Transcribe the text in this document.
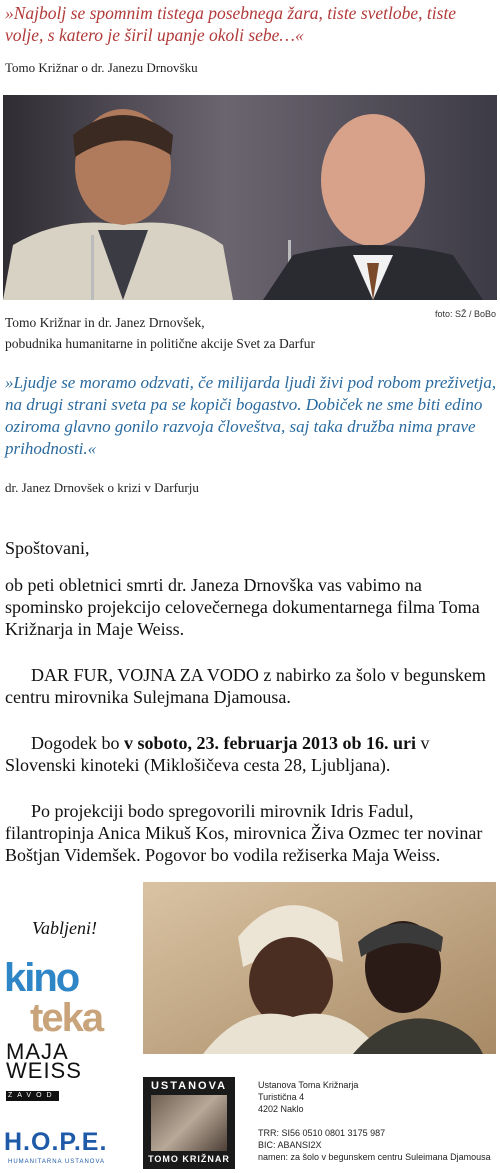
»Najbolj se spomnim tistega posebnega žara, tiste svetlobe, tiste volje, s katero je širil upanje okoli sebe…«
Tomo Križnar o dr. Janezu Drnovšku
foto: SŽ / BoBo
Tomo Križnar in dr. Janez Drnovšek,
pobudnika humanitarne in politične akcije Svet za Darfur
»Ljudje se moramo odzvati, če milijarda ljudi živi pod robom preživetja, na drugi strani sveta pa se kopiči bogastvo. Dobiček ne sme biti edino oziroma glavno gonilo razvoja človeštva, saj taka družba nima prave prihodnosti.«
dr. Janez Drnovšek o krizi v Darfurju
Spoštovani,
ob peti obletnici smrti dr. Janeza Drnovška vas vabimo na spominsko projekcijo celovečernega dokumentarnega filma Toma Križnarja in Maje Weiss.
DAR FUR, VOJNA ZA VODO z nabirko za šolo v begunskem centru mirovnika Sulejmana Djamousa.
Dogodek bo v soboto, 23. februarja 2013 ob 16. uri v Slovenski kinoteki (Miklošičeva cesta 28, Ljubljana).
Po projekciji bodo spregovorili mirovnik Idris Fadul, filantropinja Anica Mikuš Kos, mirovnica Živa Ozmec ter novinar Boštjan Videmšek. Pogovor bo vodila režiserka Maja Weiss.
Vabljeni!
kino
teka
MAJA
WEISS
ZAVOD
H.O.P.E.
HUMANITARNA USTANOVA
USTANOVA
TOMO KRIŽNAR
Ustanova Toma Križnarja
Turistična 4
4202 Naklo
TRR: SI56 0510 0801 3175 987
BIC: ABANSI2X
namen: za šolo v begunskem centru Suleimana Djamousa
